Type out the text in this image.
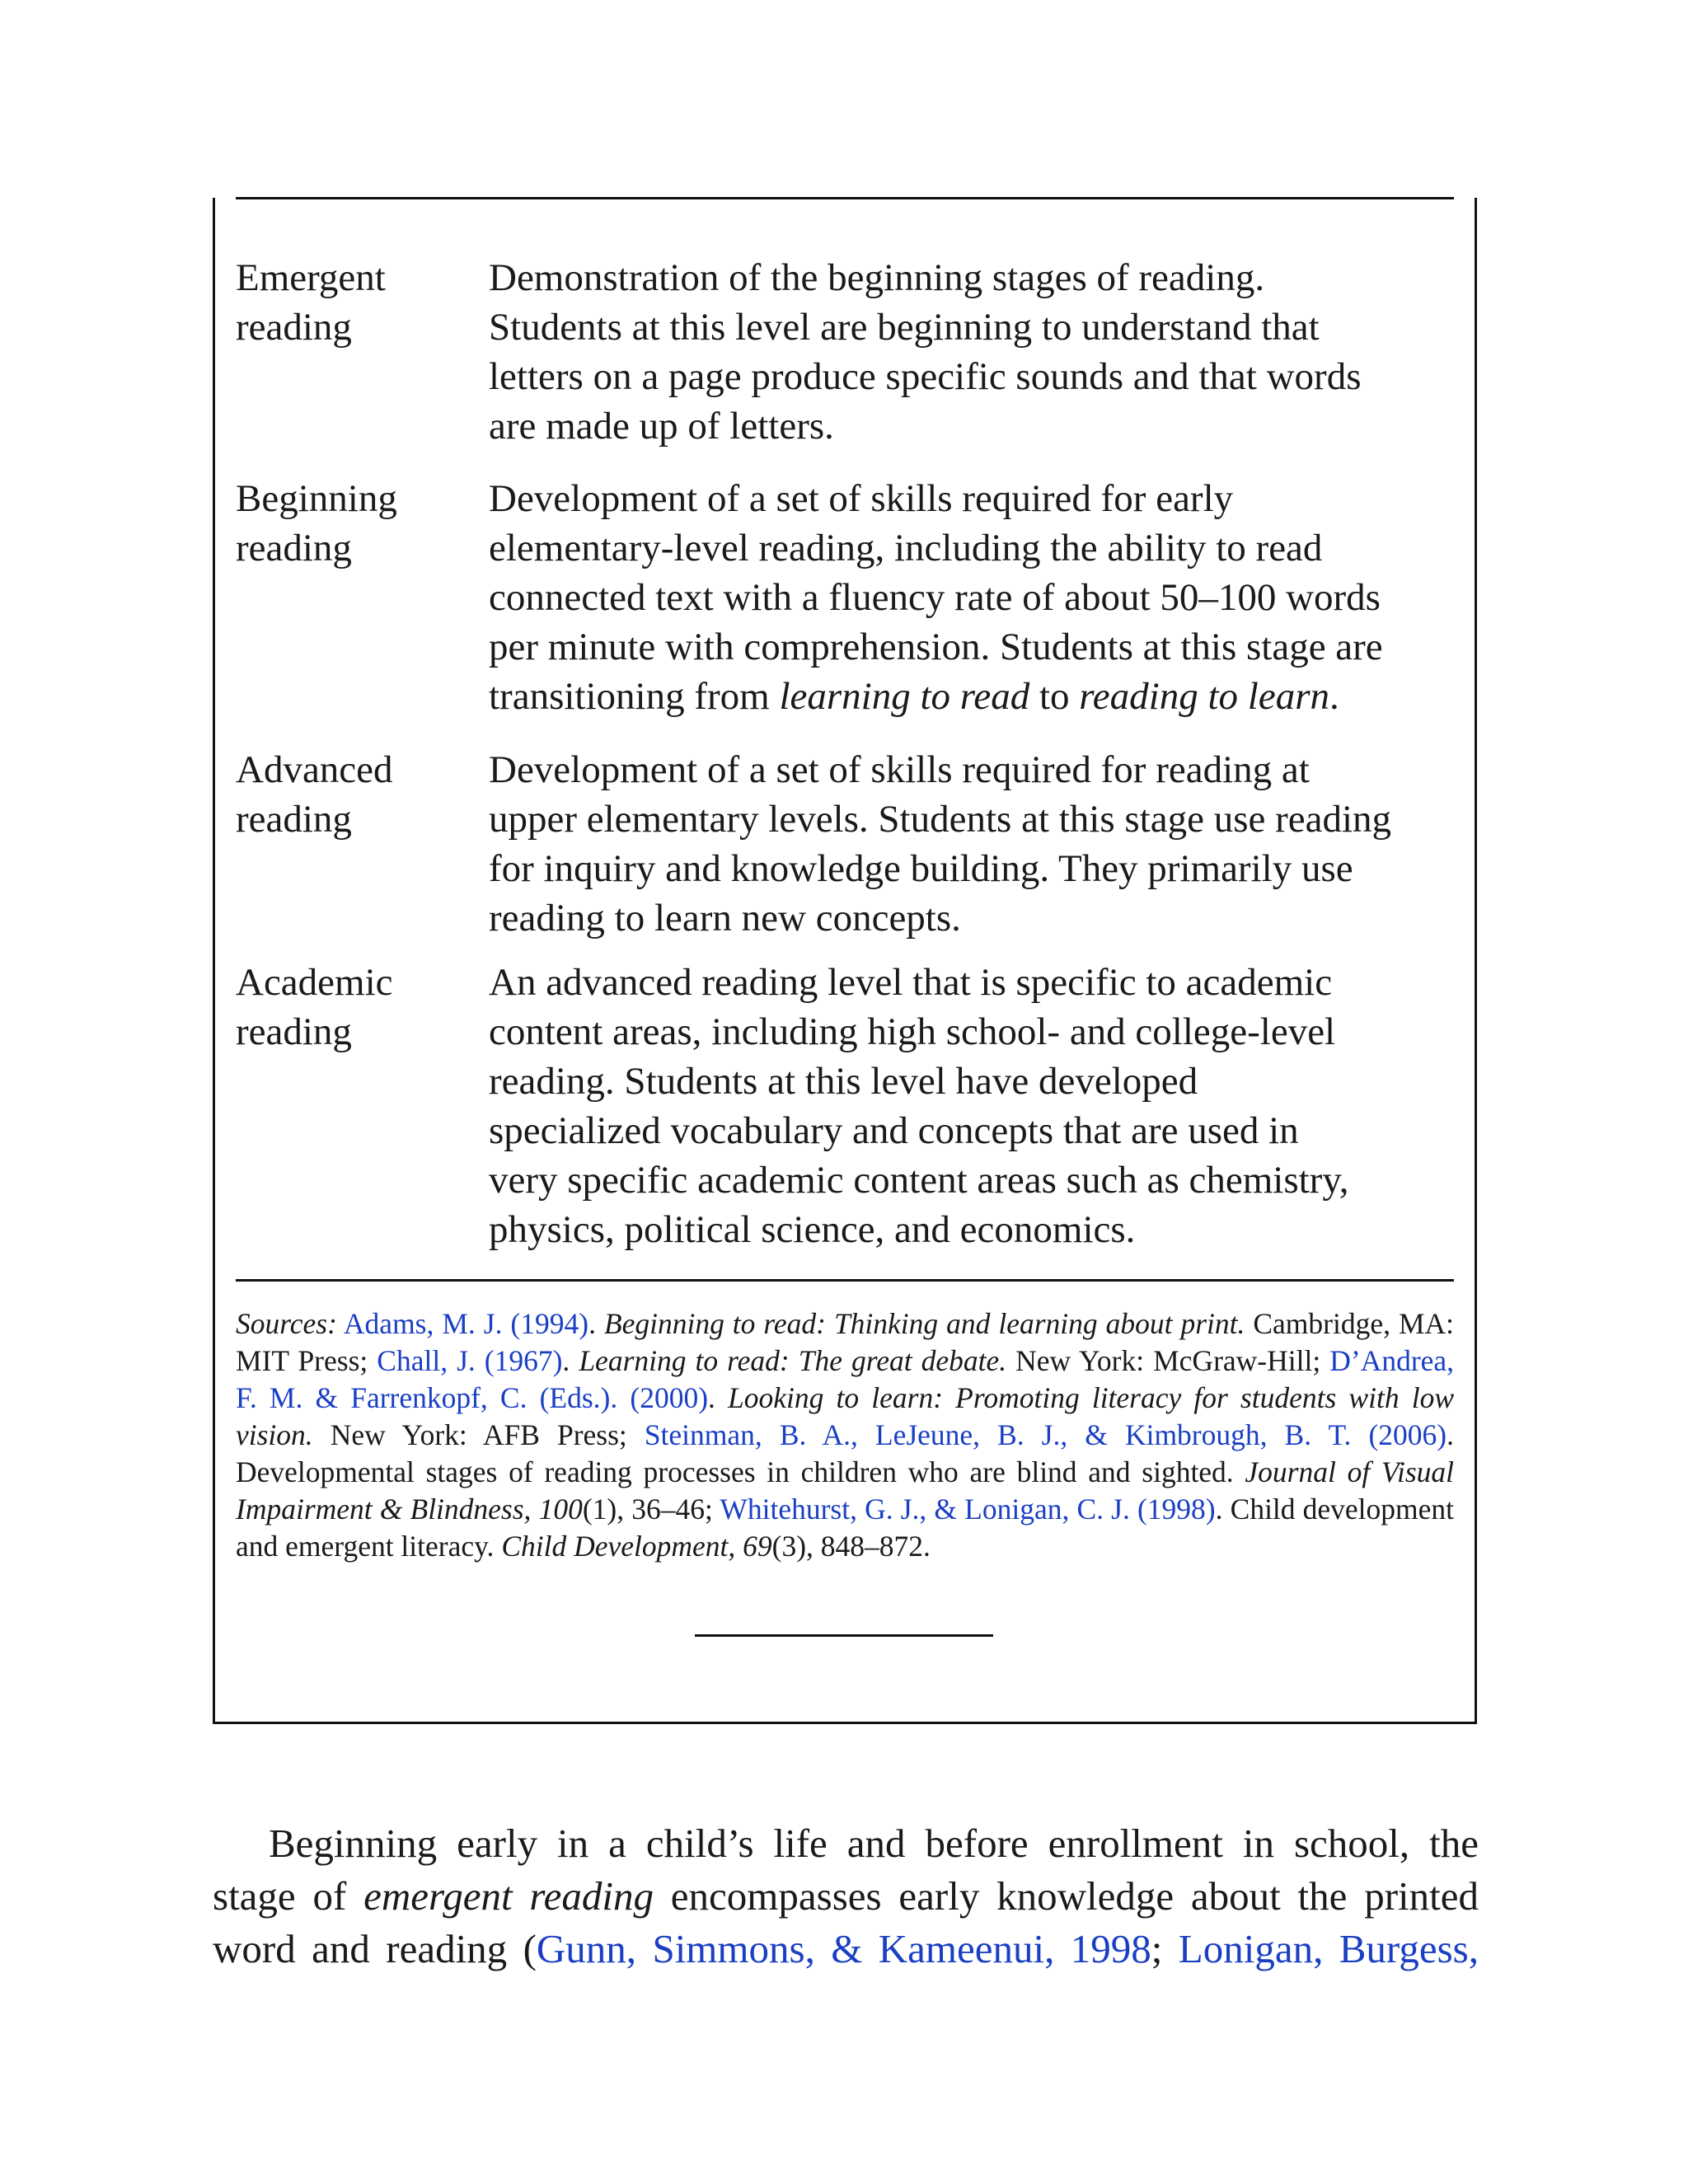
Emergent
reading
Demonstration of the beginning stages of reading.
Students at this level are beginning to understand that
letters on a page produce specific sounds and that words
are made up of letters.
Beginning
reading
Development of a set of skills required for early
elementary-level reading, including the ability to read
connected text with a fluency rate of about 50–100 words
per minute with comprehension. Students at this stage are
transitioning from learning to read to reading to learn.
Advanced
reading
Development of a set of skills required for reading at
upper elementary levels. Students at this stage use reading
for inquiry and knowledge building. They primarily use
reading to learn new concepts.
Academic
reading
An advanced reading level that is specific to academic
content areas, including high school- and college-level
reading. Students at this level have developed
specialized vocabulary and concepts that are used in
very specific academic content areas such as chemistry,
physics, political science, and economics.
Sources: Adams, M. J. (1994). Beginning to read: Thinking and learning about print. Cambridge, MA: MIT Press; Chall, J. (1967). Learning to read: The great debate. New York: McGraw-Hill; D’Andrea, F. M. & Farrenkopf, C. (Eds.). (2000). Looking to learn: Promoting literacy for students with low vision. New York: AFB Press; Steinman, B. A., LeJeune, B. J., & Kimbrough, B. T. (2006). Developmental stages of reading processes in children who are blind and sighted. Journal of Visual Impairment & Blindness, 100(1), 36–46; Whitehurst, G. J., & Lonigan, C. J. (1998). Child development and emergent literacy. Child Development, 69(3), 848–872.
Beginning early in a child’s life and before enrollment in school, the
stage of emergent reading encompasses early knowledge about the printed
word and reading (Gunn, Simmons, & Kameenui, 1998; Lonigan, Burgess,
